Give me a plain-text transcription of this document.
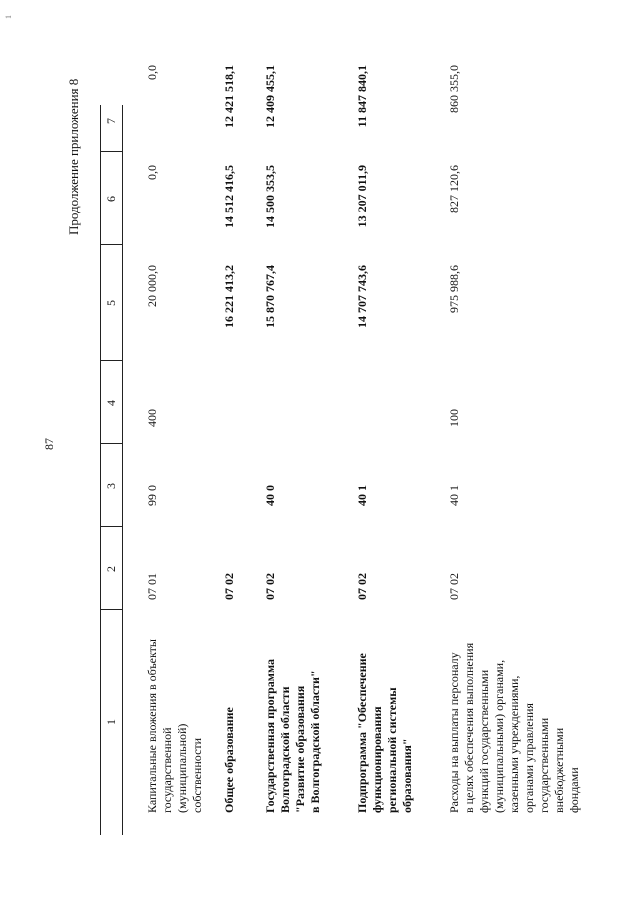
1
87
Продолжение приложения 8
1
2
3
4
5
6
7
Капитальные вложения в объекты
государственной (муниципальной)
собственности
07 01
99 0
400
20 000,0
0,0
0,0
Общее образование
07 02
16 221 413,2
14 512 416,5
12 421 518,1
Государственная программа
Волгоградской области
"Развитие образования
в Волгоградской области"
07 02
40 0
15 870 767,4
14 500 353,5
12 409 455,1
Подпрограмма "Обеспечение
функционирования
региональной системы
образования"
07 02
40 1
14 707 743,6
13 207 011,9
11 847 840,1
Расходы на выплаты персоналу
в целях обеспечения выполнения
функций государственными
(муниципальными) органами,
казенными учреждениями,
органами управления
государственными внебюджетными
фондами
07 02
40 1
100
975 988,6
827 120,6
860 355,0
